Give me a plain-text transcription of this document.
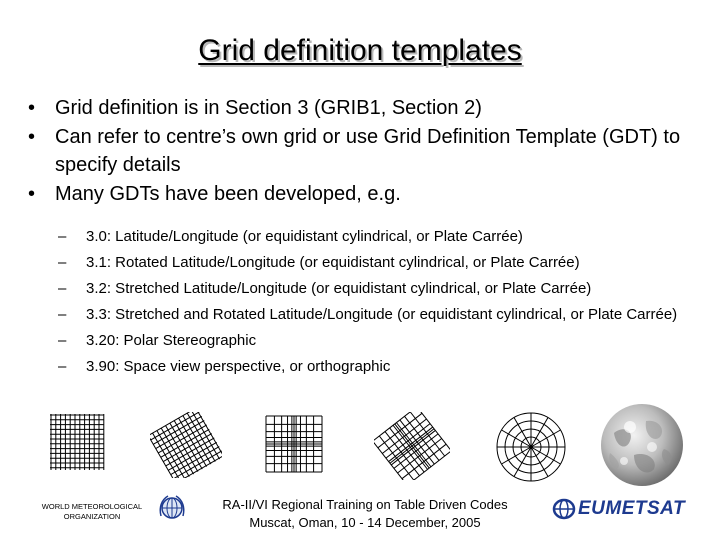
Grid definition templates
• Grid definition is in Section 3 (GRIB1, Section 2)
• Can refer to centre’s own grid or use Grid Definition Template (GDT) to specify details
• Many GDTs have been developed, e.g.
– 3.0: Latitude/Longitude (or equidistant cylindrical, or Plate Carrée)
– 3.1: Rotated Latitude/Longitude (or equidistant cylindrical, or Plate Carrée)
– 3.2: Stretched Latitude/Longitude (or equidistant cylindrical, or Plate Carrée)
– 3.3: Stretched and Rotated Latitude/Longitude (or equidistant cylindrical, or Plate Carrée)
– 3.20: Polar Stereographic
– 3.90: Space view perspective, or orthographic
WORLD METEOROLOGICAL
ORGANIZATION
RA-II/VI Regional Training on Table Driven Codes
Muscat, Oman, 10 - 14 December, 2005
EUMETSAT
